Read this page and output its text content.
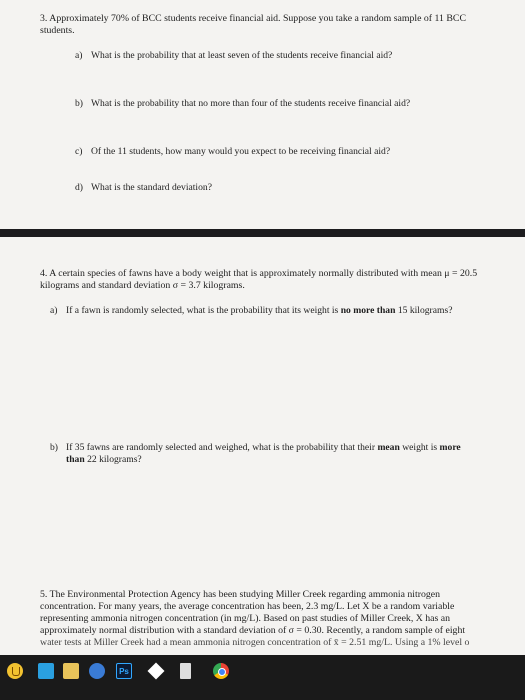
3. Approximately 70% of BCC students receive financial aid. Suppose you take a random sample of 11 BCC
students.
a) What is the probability that at least seven of the students receive financial aid?
b) What is the probability that no more than four of the students receive financial aid?
c) Of the 11 students, how many would you expect to be receiving financial aid?
d) What is the standard deviation?
4. A certain species of fawns have a body weight that is approximately normally distributed with mean μ = 20.5
kilograms and standard deviation σ = 3.7 kilograms.
a) If a fawn is randomly selected, what is the probability that its weight is no more than 15 kilograms?
b) If 35 fawns are randomly selected and weighed, what is the probability that their mean weight is more
than 22 kilograms?
5. The Environmental Protection Agency has been studying Miller Creek regarding ammonia nitrogen
concentration. For many years, the average concentration has been, 2.3 mg/L. Let X be a random variable
representing ammonia nitrogen concentration (in mg/L). Based on past studies of Miller Creek, X has an
approximately normal distribution with a standard deviation of σ = 0.30. Recently, a random sample of eight
water tests at Miller Creek had a mean ammonia nitrogen concentration of x̄ = 2.51 mg/L. Using a 1% level o
Ps
